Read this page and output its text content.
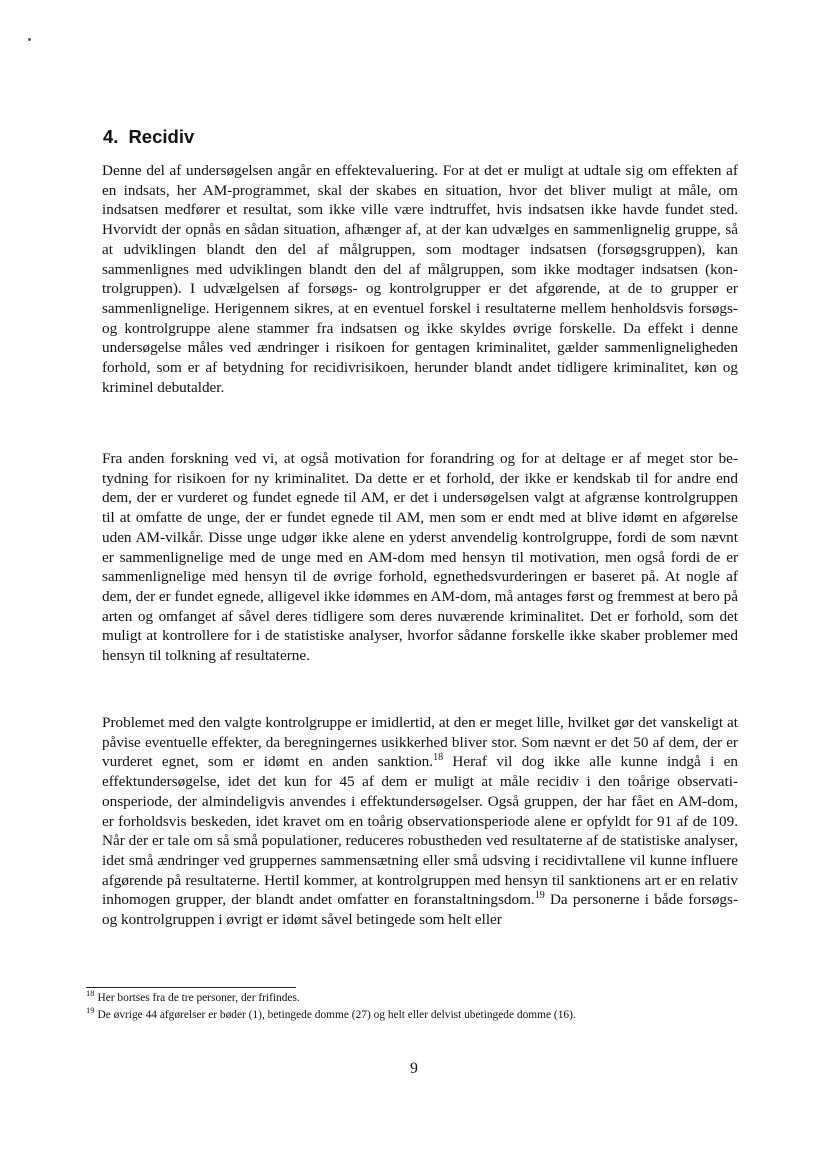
4. Recidiv

Denne del af undersøgelsen angår en effektevaluering. For at det er muligt at udtale sig om effekten af en indsats, her AM-programmet, skal der skabes en situation, hvor det bliver muligt at måle, om indsatsen medfører et resultat, som ikke ville være indtruffet, hvis indsatsen ikke havde fundet sted. Hvorvidt der opnås en sådan situation, afhænger af, at der kan udvælges en sammenlignelig gruppe, så at udviklingen blandt den del af målgruppen, som modtager indsatsen (forsøgsgruppen), kan sammenlignes med udviklingen blandt den del af målgruppen, som ikke modtager indsatsen (kontrolgruppen). I udvælgelsen af forsøgs- og kontrolgrupper er det afgørende, at de to grupper er sammenlignelige. Herigennem sikres, at en eventuel forskel i resultaterne mellem henholdsvis forsøgs- og kontrolgruppe alene stammer fra indsatsen og ikke skyldes øvrige forskelle. Da effekt i denne undersøgelse måles ved ændringer i risikoen for gentagen kriminalitet, gælder sammenligneligheden forhold, som er af betydning for recidivrisikoen, herunder blandt andet tidligere kriminalitet, køn og kriminel debutalder.

Fra anden forskning ved vi, at også motivation for forandring og for at deltage er af meget stor betydning for risikoen for ny kriminalitet. Da dette er et forhold, der ikke er kendskab til for andre end dem, der er vurderet og fundet egnede til AM, er det i undersøgelsen valgt at afgrænse kontrolgruppen til at omfatte de unge, der er fundet egnede til AM, men som er endt med at blive idømt en afgørelse uden AM-vilkår. Disse unge udgør ikke alene en yderst anvendelig kontrolgruppe, fordi de som nævnt er sammenlignelige med de unge med en AM-dom med hensyn til motivation, men også fordi de er sammenlignelige med hensyn til de øvrige forhold, egnethedsvurderingen er baseret på. At nogle af dem, der er fundet egnede, alligevel ikke idømmes en AM-dom, må antages først og fremmest at bero på arten og omfanget af såvel deres tidligere som deres nuværende kriminalitet. Det er forhold, som det muligt at kontrollere for i de statistiske analyser, hvorfor sådanne forskelle ikke skaber problemer med hensyn til tolkning af resultaterne.

Problemet med den valgte kontrolgruppe er imidlertid, at den er meget lille, hvilket gør det vanskeligt at påvise eventuelle effekter, da beregningernes usikkerhed bliver stor. Som nævnt er det 50 af dem, der er vurderet egnet, som er idømt en anden sanktion.$^{18}$ Heraf vil dog ikke alle kunne indgå i en effektundersøgelse, idet det kun for 45 af dem er muligt at måle recidiv i den toårige observationsperiode, der almindeligvis anvendes i effektundersøgelser. Også gruppen, der har fået en AM-dom, er forholdsvis beskeden, idet kravet om en toårig observationsperiode alene er opfyldt for 91 af de 109. Når der er tale om så små populationer, reduceres robustheden ved resultaterne af de statistiske analyser, idet små ændringer ved gruppernes sammensætning eller små udsving i recidivtallene vil kunne influere afgørende på resultaterne. Hertil kommer, at kontrolgruppen med hensyn til sanktionens art er en relativ inhomogen grupper, der blandt andet omfatter en foranstaltningsdom.$^{19}$ Da personerne i både forsøgs- og kontrolgruppen i øvrigt er idømt såvel betingede som helt eller

$^{18}$ Her bortses fra de tre personer, der frifindes.
$^{19}$ De øvrige 44 afgørelser er bøder (1), betingede domme (27) og helt eller delvist ubetingede domme (16).
9
